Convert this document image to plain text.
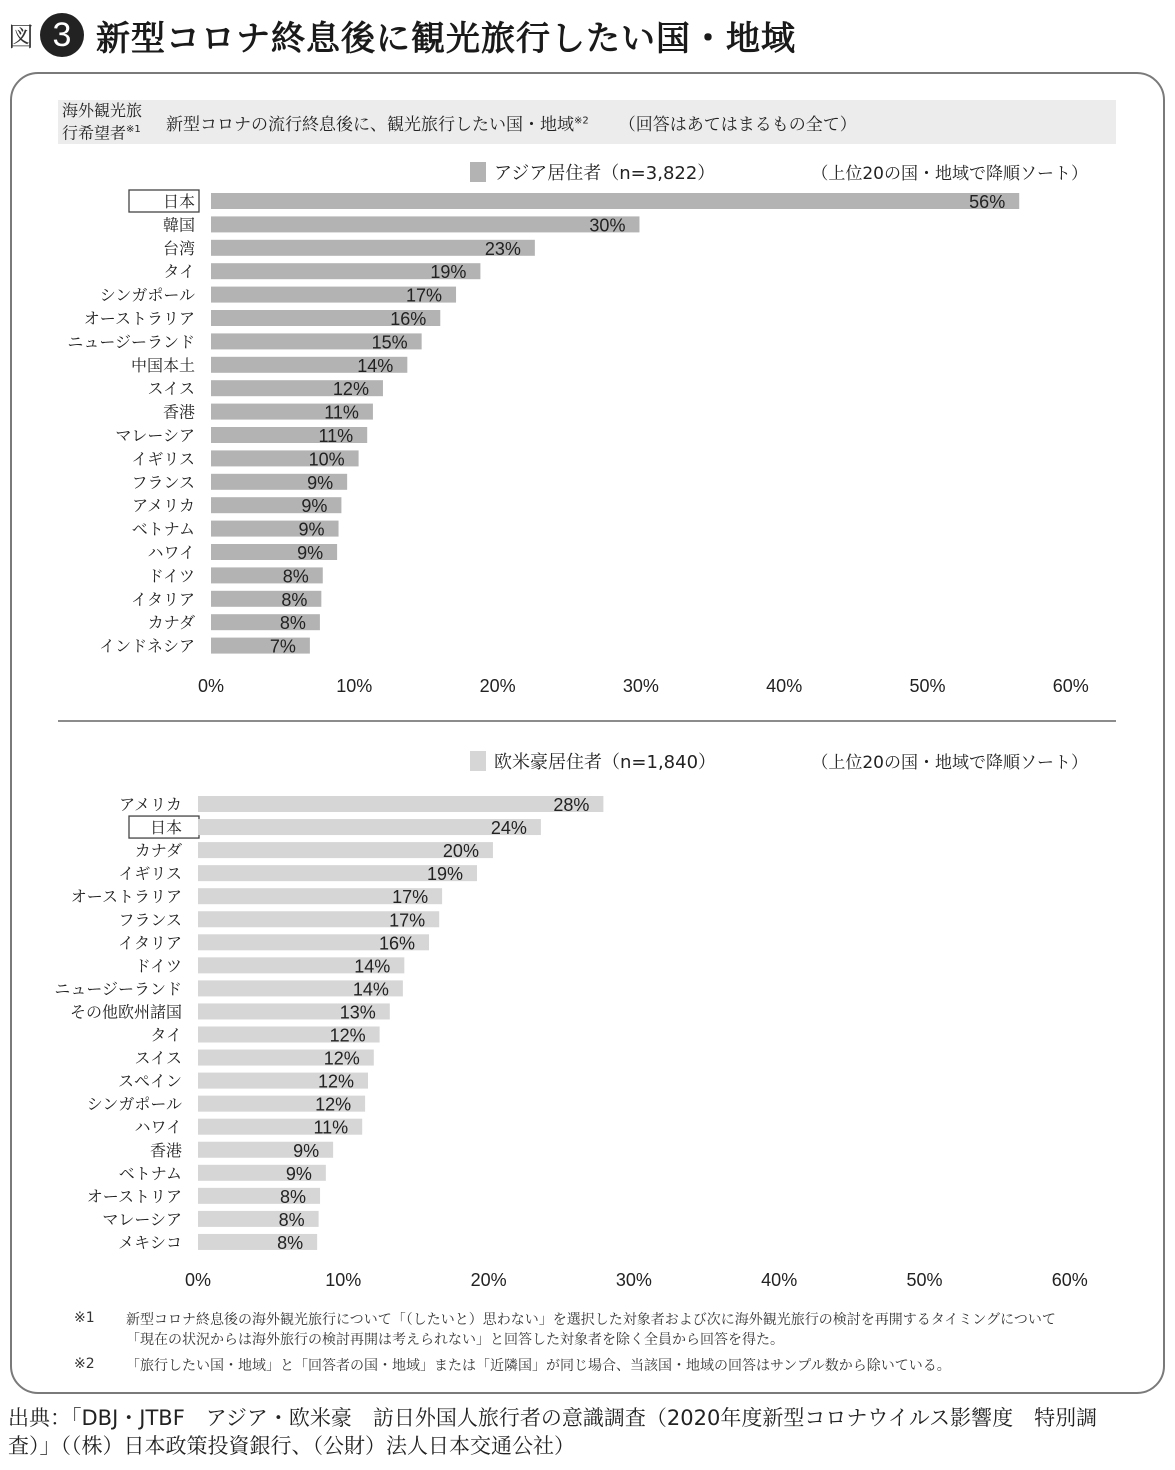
図 3 新型コロナ終息後に観光旅行したい国・地域
海外観光旅
行希望者$^{※1}$	新型コロナの流行終息後に、観光旅行したい国・地域$^{※2}$ （回答はあてはまるもの全て）
アジア居住者（n=3,822）	（上位20の国・地域で降順ソート）
0%	10%	20%	30%	40%	50%	60%
日本	56%
韓国	30%
台湾	23%
タイ	19%
シンガポール	17%
オーストラリア	16%
ニュージーランド	15%
中国本土	14%
スイス	12%
香港	11%
マレーシア	11%
イギリス	10%
フランス	9%
アメリカ	9%
ベトナム	9%
ハワイ	9%
ドイツ	8%
イタリア	8%
カナダ	8%
インドネシア	7%
欧米豪居住者（n=1,840）	（上位20の国・地域で降順ソート）
0%	10%	20%	30%	40%	50%	60%
アメリカ	28%
日本	24%
カナダ	20%
イギリス	19%
オーストラリア	17%
フランス	17%
イタリア	16%
ドイツ	14%
ニュージーランド	14%
その他欧州諸国	13%
タイ	12%
スイス	12%
スペイン	12%
シンガポール	12%
ハワイ	11%
香港	9%
ベトナム	9%
オーストリア	8%
マレーシア	8%
メキシコ	8%
※1	新型コロナ終息後の海外観光旅行について「（したいと）思わない」を選択した対象者および次に海外観光旅行の検討を再開するタイミングについて
「現在の状況からは海外旅行の検討再開は考えられない」と回答した対象者を除く全員から回答を得た。
※2	「旅行したい国・地域」と「回答者の国・地域」または「近隣国」が同じ場合、当該国・地域の回答はサンプル数から除いている。
出典：「DBJ・JTBF　アジア・欧米豪　訪日外国人旅行者の意識調査（2020年度新型コロナウイルス影響度　特別調
査）」（（株）日本政策投資銀行、（公財）法人日本交通公社）
